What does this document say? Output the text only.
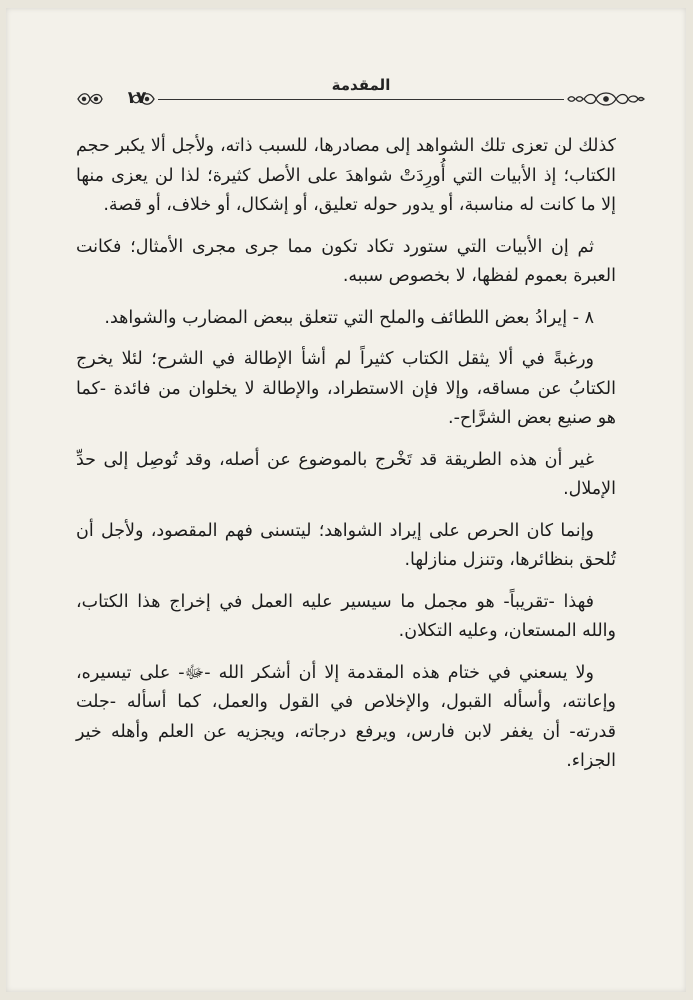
المقدمة
١٧

كذلك لن تعزى تلك الشواهد إلى مصادرها، للسبب ذاته، ولأجل ألا يكبر حجم الكتاب؛ إذ الأبيات التي أُورِدَتْ شواهدَ على الأصل كثيرة؛ لذا لن يعزى منها إلا ما كانت له مناسبة، أو يدور حوله تعليق، أو إشكال، أو خلاف، أو قصة.

ثم إن الأبيات التي ستورد تكاد تكون مما جرى مجرى الأمثال؛ فكانت العبرة بعموم لفظها، لا بخصوص سببه.

٨ - إيرادُ بعض اللطائف والملح التي تتعلق ببعض المضارب والشواهد.

ورغبةً في ألا يثقل الكتاب كثيراً لم أشأ الإطالة في الشرح؛ لئلا يخرج الكتابُ عن مساقه، وإلا فإن الاستطراد، والإطالة لا يخلوان من فائدة -كما هو صنيع بعض الشرَّاح-.

غير أن هذه الطريقة قد تَخْرج بالموضوع عن أصله، وقد تُوصِل إلى حدِّ الإملال.

وإنما كان الحرص على إيراد الشواهد؛ ليتسنى فهم المقصود، ولأجل أن تُلحق بنظائرها، وتنزل منازلها.

فهذا -تقريباً- هو مجمل ما سيسير عليه العمل في إخراج هذا الكتاب، والله المستعان، وعليه التكلان.

ولا يسعني في ختام هذه المقدمة إلا أن أشكر الله -ﷻ- على تيسيره، وإعانته، وأسأله القبول، والإخلاص في القول والعمل، كما أسأله -جلت قدرته- أن يغفر لابن فارس، ويرفع درجاته، ويجزيه عن العلم وأهله خير الجزاء.
